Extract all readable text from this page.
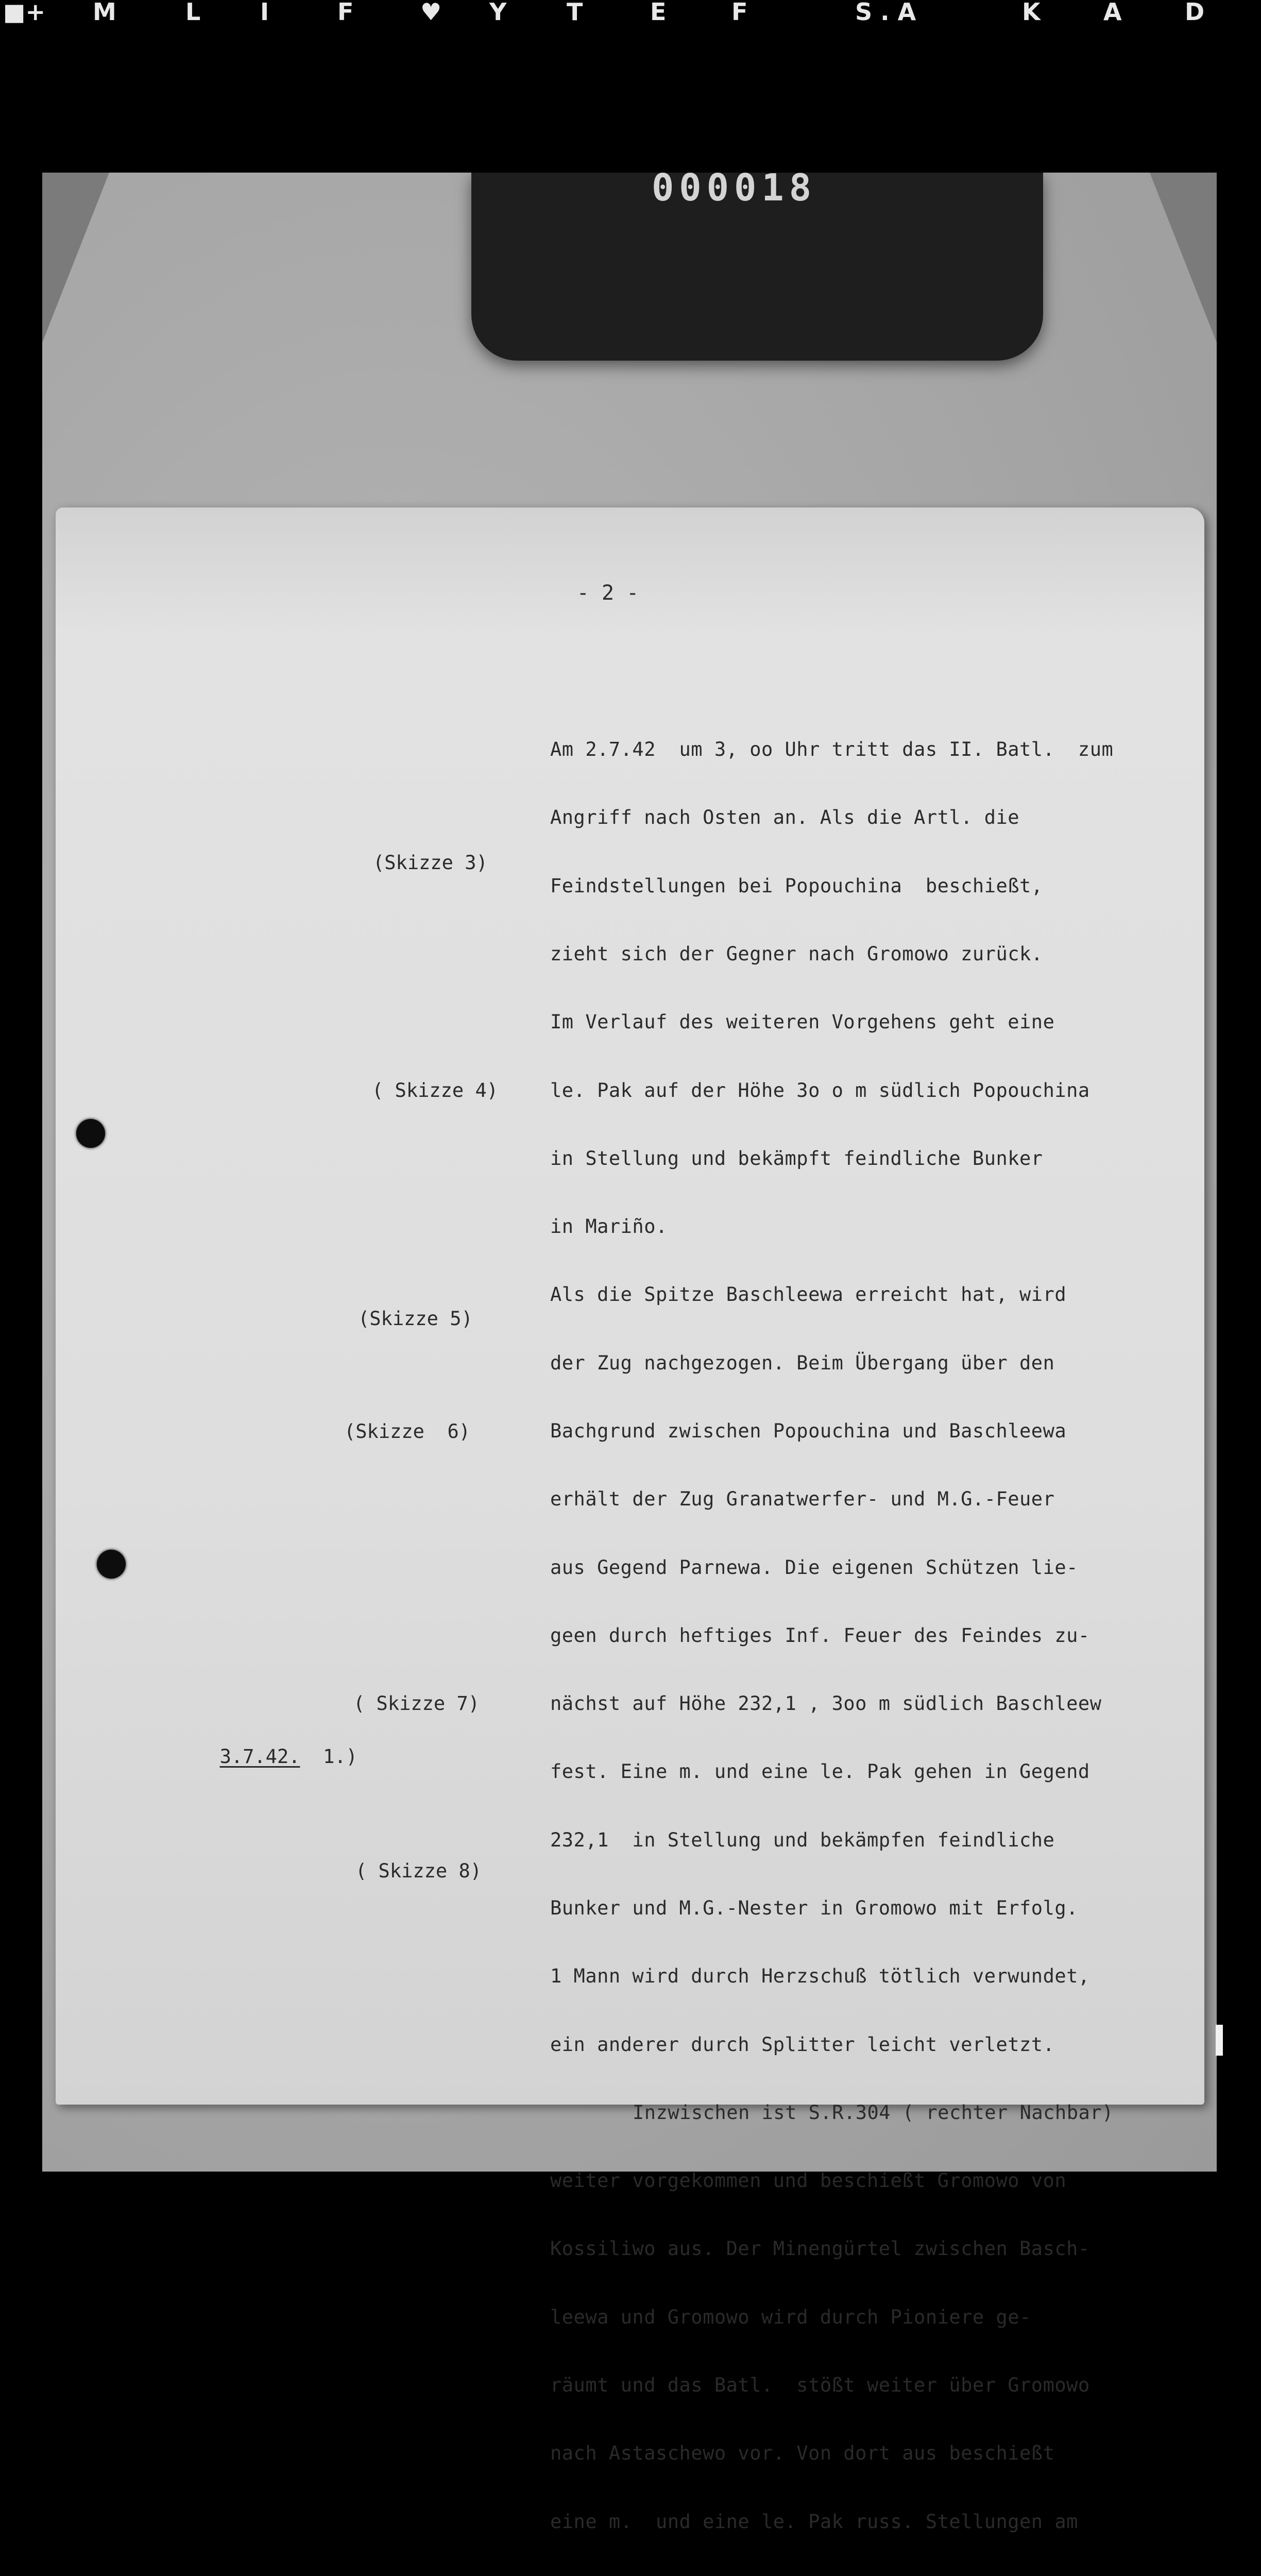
D
A
K
S . A
F
E
T
Y
♥
F
I
L
M
■+
000018
- 2 -
(Skizze 3)
( Skizze 4)
(Skizze 5)
(Skizze  6)
( Skizze 7)
( Skizze 8)

3.7.42. 1.)

Am 2.7.42  um 3, oo Uhr tritt das II. Batl.  zum

Angriff nach Osten an. Als die Artl. die

Feindstellungen bei Popouchina  beschießt,

zieht sich der Gegner nach Gromowo zurück.

Im Verlauf des weiteren Vorgehens geht eine

le. Pak auf der Höhe 3o o m südlich Popouchina

in Stellung und bekämpft feindliche Bunker

in Mariño.

Als die Spitze Baschleewa erreicht hat, wird

der Zug nachgezogen. Beim Übergang über den

Bachgrund zwischen Popouchina und Baschleewa

erhält der Zug Granatwerfer- und M.G.-Feuer

aus Gegend Parnewa. Die eigenen Schützen lie-

geen durch heftiges Inf. Feuer des Feindes zu-

nächst auf Höhe 232,1 , 3oo m südlich Baschleew

fest. Eine m. und eine le. Pak gehen in Gegend

232,1  in Stellung und bekämpfen feindliche

Bunker und M.G.-Nester in Gromowo mit Erfolg.

1 Mann wird durch Herzschuß tötlich verwundet,

ein anderer durch Splitter leicht verletzt.

Inzwischen ist S.R.304 ( rechter Nachbar)

weiter vorgekommen und beschießt Gromowo von

Kossiliwo aus. Der Minengürtel zwischen Basch-

leewa und Gromowo wird durch Pioniere ge-

räumt und das Batl.  stößt weiter über Gromowo

nach Astaschewo vor. Von dort aus beschießt

eine m.  und eine le. Pak russ. Stellungen am
